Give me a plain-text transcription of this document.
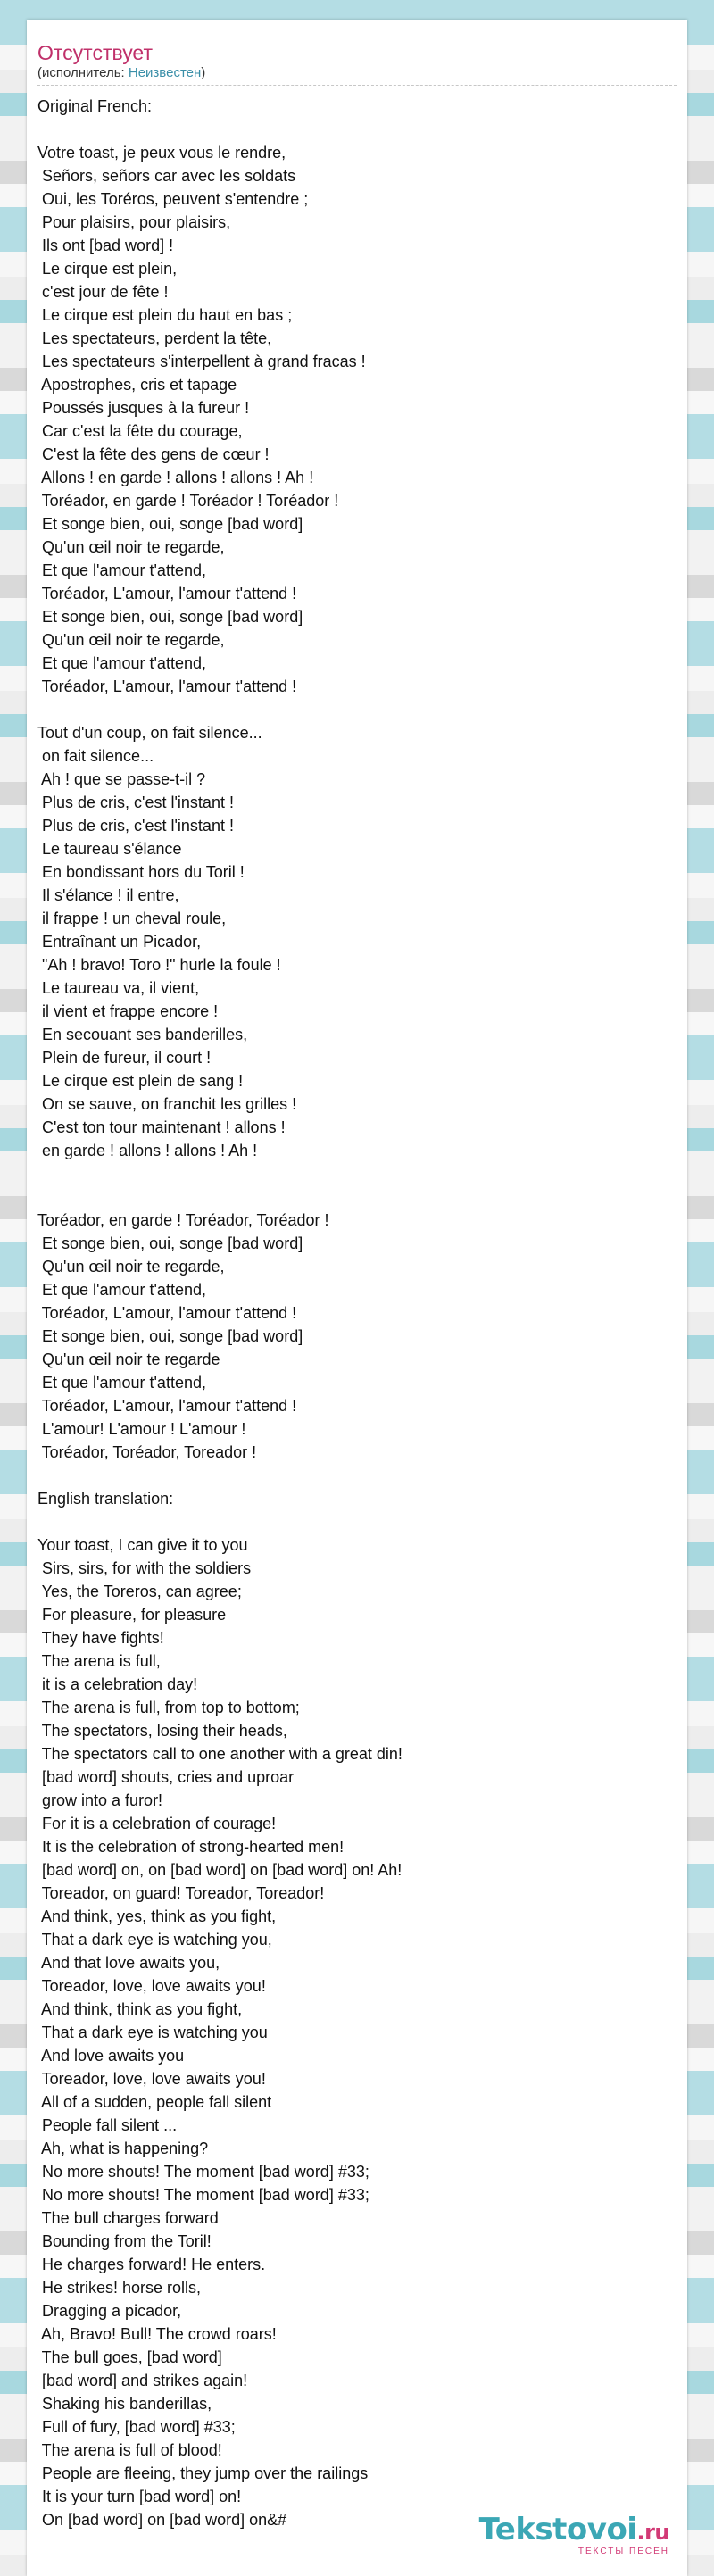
Отсутствует
(исполнитель: Неизвестен)
Original French:
Votre toast, je peux vous le rendre,
Señors, señors car avec les soldats
Oui, les Toréros, peuvent s'entendre ;
Pour plaisirs, pour plaisirs,
Ils ont [bad word] !
Le cirque est plein,
c'est jour de fête !
Le cirque est plein du haut en bas ;
Les spectateurs, perdent la tête,
Les spectateurs s'interpellent à grand fracas !
Apostrophes, cris et tapage
Poussés jusques à la fureur !
Car c'est la fête du courage,
C'est la fête des gens de cœur !
Allons ! en garde ! allons ! allons ! Ah !
Toréador, en garde ! Toréador ! Toréador !
Et songe bien, oui, songe [bad word]
Qu'un œil noir te regarde,
Et que l'amour t'attend,
Toréador, L'amour, l'amour t'attend !
Et songe bien, oui, songe [bad word]
Qu'un œil noir te regarde,
Et que l'amour t'attend,
Toréador, L'amour, l'amour t'attend !
Tout d'un coup, on fait silence...
on fait silence...
Ah ! que se passe-t-il ?
Plus de cris, c'est l'instant !
Plus de cris, c'est l'instant !
Le taureau s'élance
En bondissant hors du Toril !
Il s'élance ! il entre,
il frappe ! un cheval roule,
Entraînant un Picador,
"Ah ! bravo! Toro !" hurle la foule !
Le taureau va, il vient,
il vient et frappe encore !
En secouant ses banderilles,
Plein de fureur, il court !
Le cirque est plein de sang !
On se sauve, on franchit les grilles !
C'est ton tour maintenant ! allons !
en garde ! allons ! allons ! Ah !
Toréador, en garde ! Toréador, Toréador !
Et songe bien, oui, songe [bad word]
Qu'un œil noir te regarde,
Et que l'amour t'attend,
Toréador, L'amour, l'amour t'attend !
Et songe bien, oui, songe [bad word]
Qu'un œil noir te regarde
Et que l'amour t'attend,
Toréador, L'amour, l'amour t'attend !
L'amour! L'amour ! L'amour !
Toréador, Toréador, Toreador !
English translation:
Your toast, I can give it to you
Sirs, sirs, for with the soldiers
Yes, the Toreros, can agree;
For pleasure, for pleasure
They have fights!
The arena is full,
it is a celebration day!
The arena is full, from top to bottom;
The spectators, losing their heads,
The spectators call to one another with a great din!
[bad word] shouts, cries and uproar
grow into a furor!
For it is a celebration of courage!
It is the celebration of strong-hearted men!
[bad word] on, on [bad word] on [bad word] on! Ah!
Toreador, on guard! Toreador, Toreador!
And think, yes, think as you fight,
That a dark eye is watching you,
And that love awaits you,
Toreador, love, love awaits you!
And think, think as you fight,
That a dark eye is watching you
And love awaits you
Toreador, love, love awaits you!
All of a sudden, people fall silent
People fall silent ...
Ah, what is happening?
No more shouts! The moment [bad word] #33;
No more shouts! The moment [bad word] #33;
The bull charges forward
Bounding from the Toril!
He charges forward! He enters.
He strikes! horse rolls,
Dragging a picador,
Ah, Bravo! Bull! The crowd roars!
The bull goes, [bad word]
[bad word] and strikes again!
Shaking his banderillas,
Full of fury, [bad word] #33;
The arena is full of blood!
People are fleeing, they jump over the railings
It is your turn [bad word] on!
On [bad word] on [bad word] on&#	Tekstovoi.ru
ТЕКСТЫ ПЕСЕН
